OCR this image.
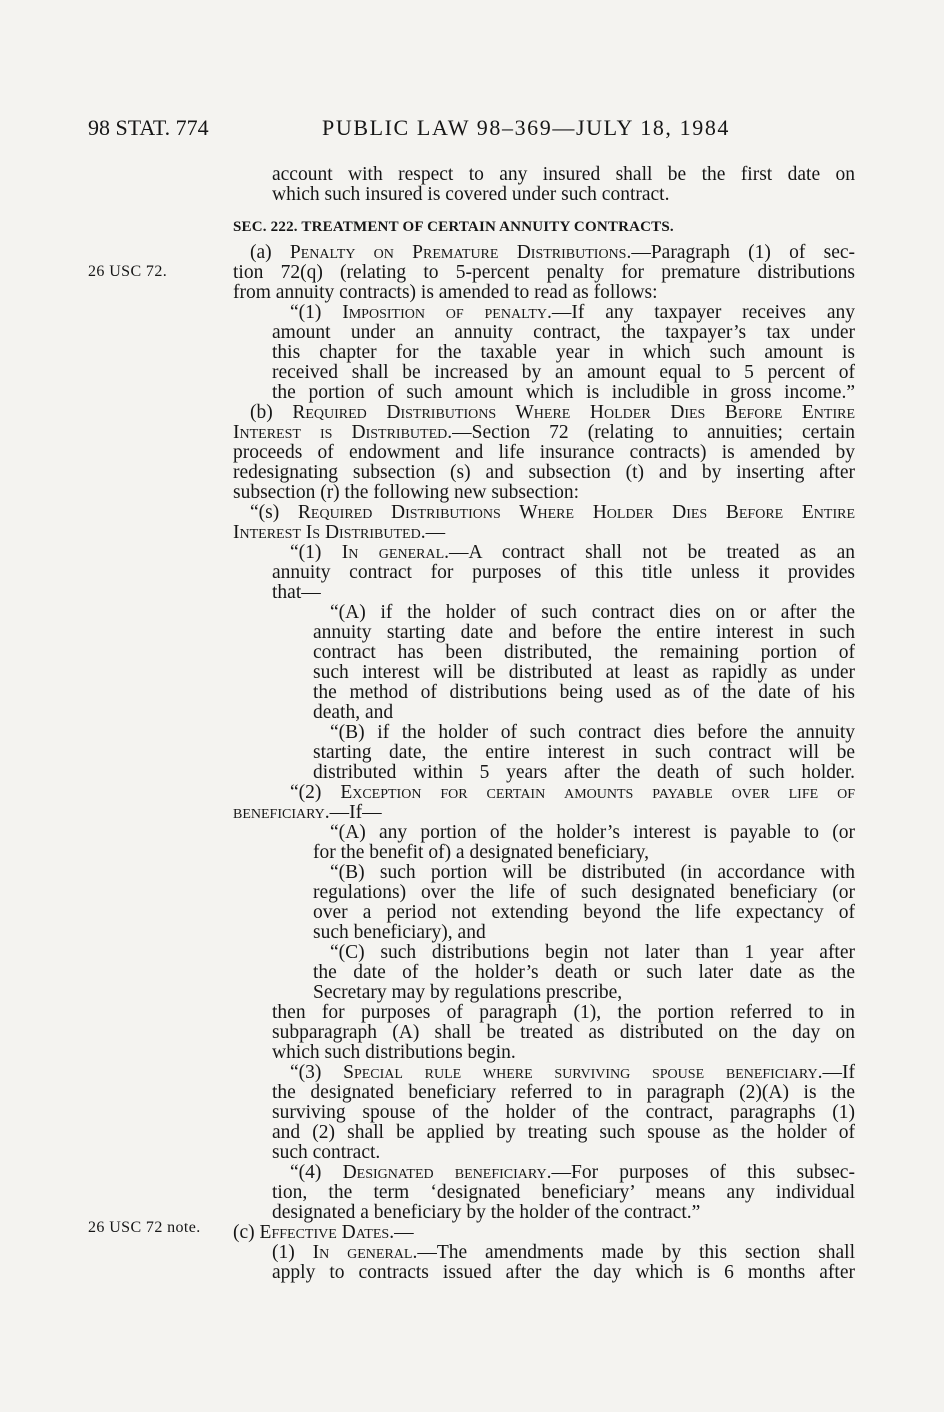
98 STAT. 774	PUBLIC LAW 98–369—JULY 18, 1984
26 USC 72.
26 USC 72 note.
account with respect to any insured shall be the first date on
which such insured is covered under such contract.
SEC. 222. TREATMENT OF CERTAIN ANNUITY CONTRACTS.
(a) Penalty on Premature Distributions.—Paragraph (1) of sec-
tion 72(q) (relating to 5-percent penalty for premature distributions
from annuity contracts) is amended to read as follows:
“(1) Imposition of penalty.—If any taxpayer receives any
amount under an annuity contract, the taxpayer’s tax under
this chapter for the taxable year in which such amount is
received shall be increased by an amount equal to 5 percent of
the portion of such amount which is includible in gross income.”
(b) Required Distributions Where Holder Dies Before Entire
Interest is Distributed.—Section 72 (relating to annuities; certain
proceeds of endowment and life insurance contracts) is amended by
redesignating subsection (s) and subsection (t) and by inserting after
subsection (r) the following new subsection:
“(s) Required Distributions Where Holder Dies Before Entire
Interest Is Distributed.—
“(1) In general.—A contract shall not be treated as an
annuity contract for purposes of this title unless it provides
that—
“(A) if the holder of such contract dies on or after the
annuity starting date and before the entire interest in such
contract has been distributed, the remaining portion of
such interest will be distributed at least as rapidly as under
the method of distributions being used as of the date of his
death, and
“(B) if the holder of such contract dies before the annuity
starting date, the entire interest in such contract will be
distributed within 5 years after the death of such holder.
“(2) Exception for certain amounts payable over life of
beneficiary.—If—
“(A) any portion of the holder’s interest is payable to (or
for the benefit of) a designated beneficiary,
“(B) such portion will be distributed (in accordance with
regulations) over the life of such designated beneficiary (or
over a period not extending beyond the life expectancy of
such beneficiary), and
“(C) such distributions begin not later than 1 year after
the date of the holder’s death or such later date as the
Secretary may by regulations prescribe,
then for purposes of paragraph (1), the portion referred to in
subparagraph (A) shall be treated as distributed on the day on
which such distributions begin.
“(3) Special rule where surviving spouse beneficiary.—If
the designated beneficiary referred to in paragraph (2)(A) is the
surviving spouse of the holder of the contract, paragraphs (1)
and (2) shall be applied by treating such spouse as the holder of
such contract.
“(4) Designated beneficiary.—For purposes of this subsec-
tion, the term ‘designated beneficiary’ means any individual
designated a beneficiary by the holder of the contract.”
(c) Effective Dates.—
(1) In general.—The amendments made by this section shall
apply to contracts issued after the day which is 6 months after
